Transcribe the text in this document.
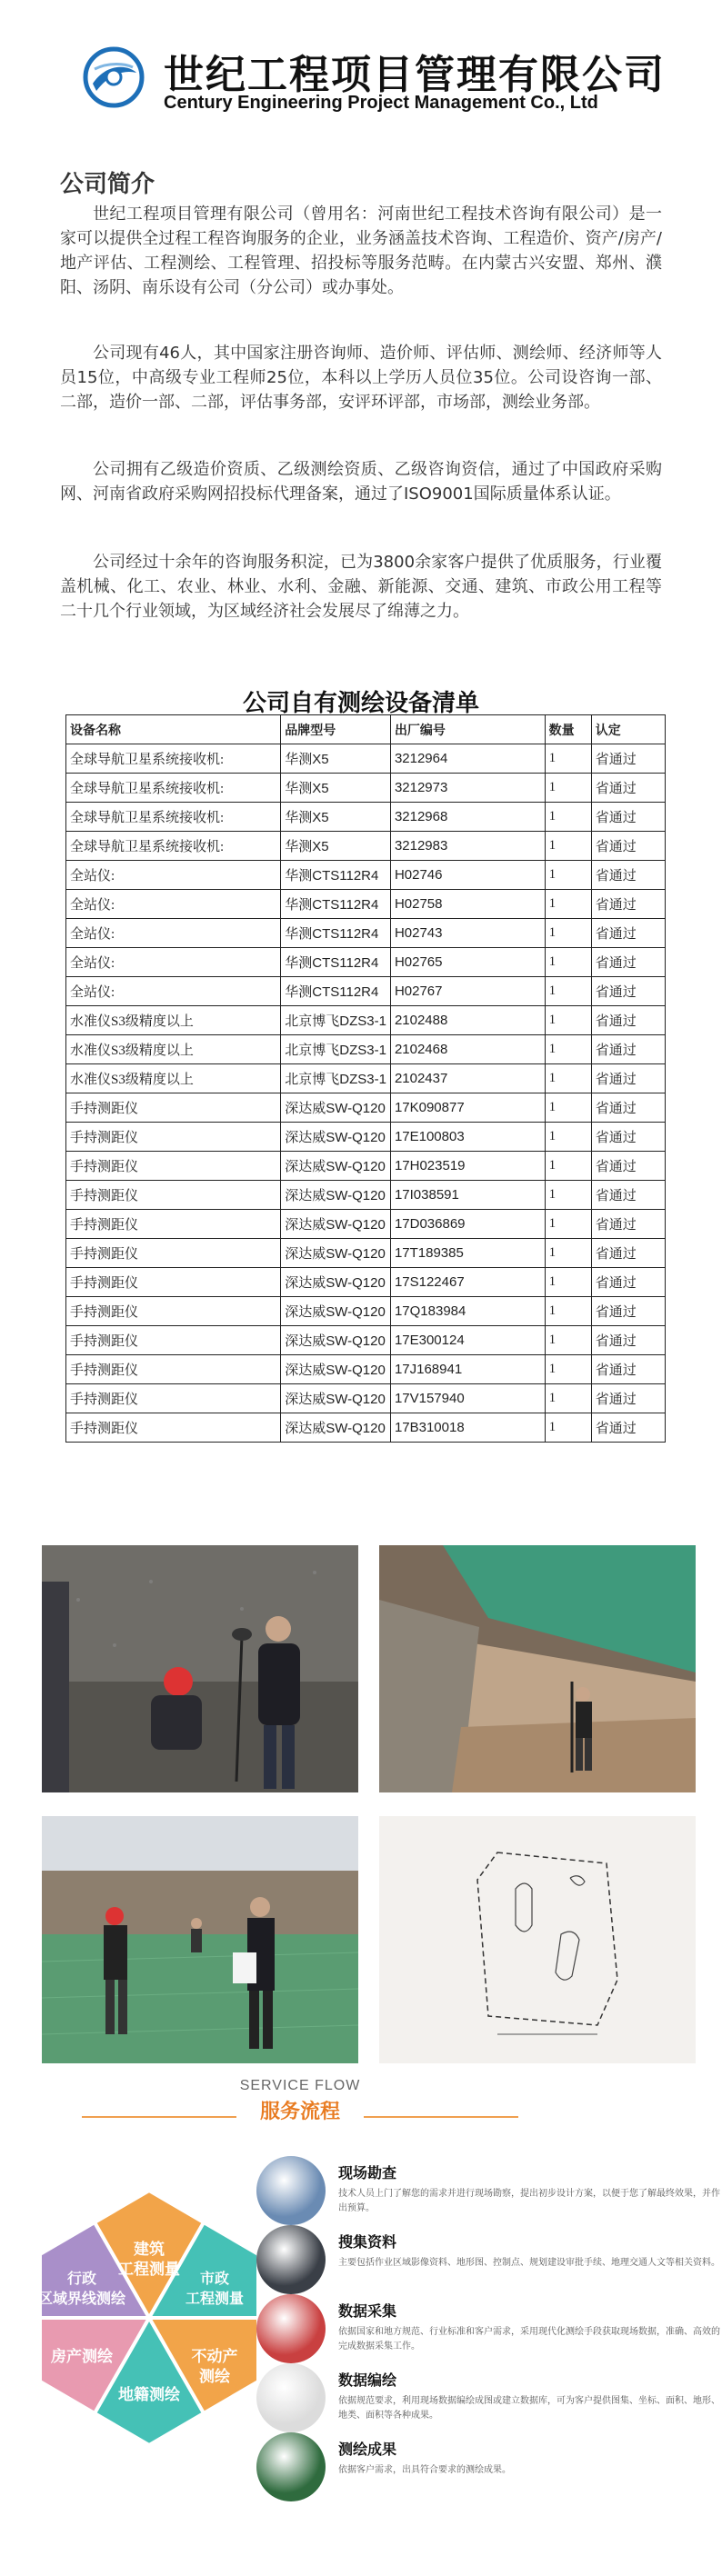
世纪工程项目管理有限公司
Century Engineering Project Management Co., Ltd
公司简介

世纪工程项目管理有限公司（曾用名：河南世纪工程技术咨询有限公司）是一家可以提供全过程工程咨询服务的企业，业务涵盖技术咨询、工程造价、资产/房产/地产评估、工程测绘、工程管理、招投标等服务范畴。在内蒙古兴安盟、郑州、濮阳、汤阴、南乐设有公司（分公司）或办事处。

公司现有46人，其中国家注册咨询师、造价师、评估师、测绘师、经济师等人员15位，中高级专业工程师25位，本科以上学历人员位35位。公司设咨询一部、二部，造价一部、二部，评估事务部，安评环评部，市场部，测绘业务部。

公司拥有乙级造价资质、乙级测绘资质、乙级咨询资信，通过了中国政府采购网、河南省政府采购网招投标代理备案，通过了ISO9001国际质量体系认证。

公司经过十余年的咨询服务积淀，已为3800余家客户提供了优质服务，行业覆盖机械、化工、农业、林业、水利、金融、新能源、交通、建筑、市政公用工程等二十几个行业领域，为区域经济社会发展尽了绵薄之力。

公司自有测绘设备清单
设备名称	品牌型号	出厂编号	数量	认定
全球导航卫星系统接收机:	华测X5	3212964	1	省通过
全球导航卫星系统接收机:	华测X5	3212973	1	省通过
全球导航卫星系统接收机:	华测X5	3212968	1	省通过
全球导航卫星系统接收机:	华测X5	3212983	1	省通过
全站仪:	华测CTS112R4	H02746	1	省通过
全站仪:	华测CTS112R4	H02758	1	省通过
全站仪:	华测CTS112R4	H02743	1	省通过
全站仪:	华测CTS112R4	H02765	1	省通过
全站仪:	华测CTS112R4	H02767	1	省通过
水准仪S3级精度以上	北京博飞DZS3-1	2102488	1	省通过
水准仪S3级精度以上	北京博飞DZS3-1	2102468	1	省通过
水准仪S3级精度以上	北京博飞DZS3-1	2102437	1	省通过
手持测距仪	深达威SW-Q120	17K090877	1	省通过
手持测距仪	深达威SW-Q120	17E100803	1	省通过
手持测距仪	深达威SW-Q120	17H023519	1	省通过
手持测距仪	深达威SW-Q120	17I038591	1	省通过
手持测距仪	深达威SW-Q120	17D036869	1	省通过
手持测距仪	深达威SW-Q120	17T189385	1	省通过
手持测距仪	深达威SW-Q120	17S122467	1	省通过
手持测距仪	深达威SW-Q120	17Q183984	1	省通过
手持测距仪	深达威SW-Q120	17E300124	1	省通过
手持测距仪	深达威SW-Q120	17J168941	1	省通过
手持测距仪	深达威SW-Q120	17V157940	1	省通过
手持测距仪	深达威SW-Q120	17B310018	1	省通过
SERVICE FLOW
服务流程
建筑工程测量	市政工程测量
行政区域界线测绘
房产测绘	不动产测绘
地籍测绘
现场勘查
技术人员上门了解您的需求并进行现场勘察，提出初步设计方案，以便于您了解最终效果，并作出预算。
搜集资料
主要包括作业区域影像资料、地形图、控制点、规划建设审批手续、地理交通人文等相关资料。
数据采集
依据国家和地方规范、行业标准和客户需求，采用现代化测绘手段获取现场数据，准确、高效的完成数据采集工作。
数据编绘
依据规范要求，利用现场数据编绘成图或建立数据库，可为客户提供图集、坐标、面积、地形、地类、面积等各种成果。
测绘成果
依据客户需求，出具符合要求的测绘成果。
